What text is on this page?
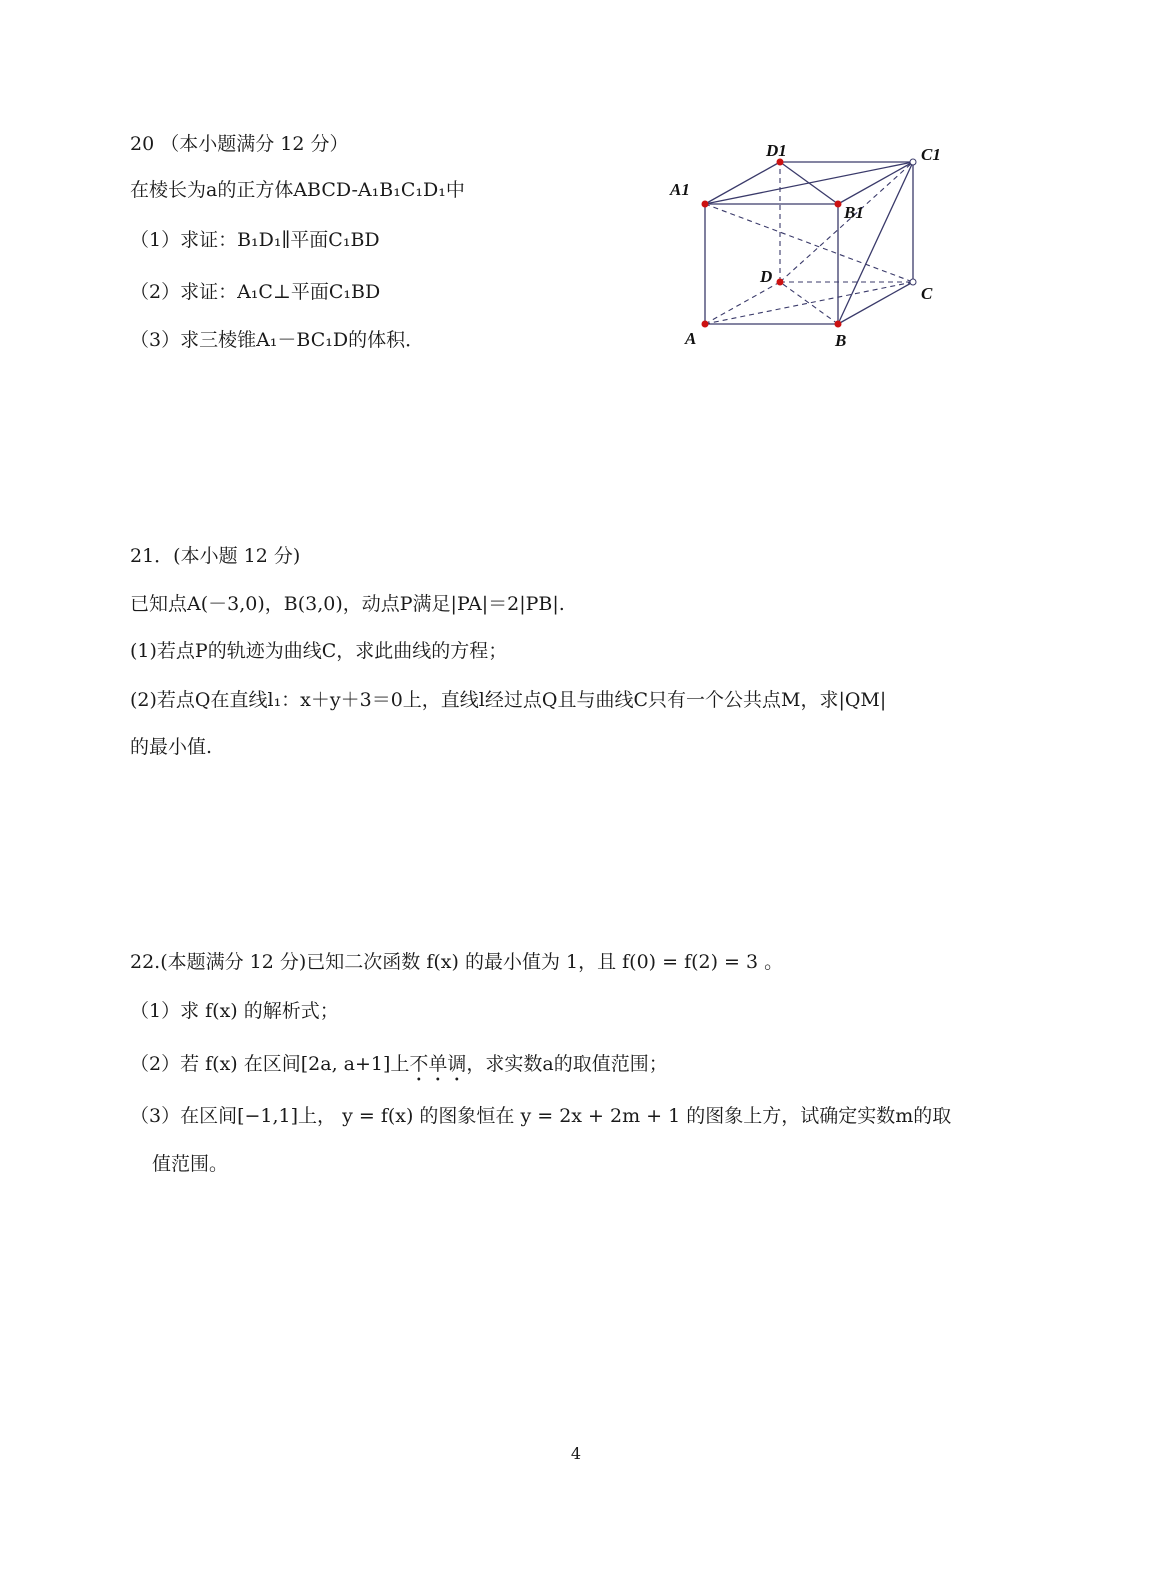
20 （本小题满分 12 分）
在棱长为a的正方体ABCD-A₁B₁C₁D₁中
（1）求证：B₁D₁∥平面C₁BD
（2）求证：A₁C⊥平面C₁BD
（3）求三棱锥A₁－BC₁D的体积．
D1	C1
A1
B1
D
C
A	B
21．(本小题 12 分)
已知点A(－3,0)，B(3,0)，动点P满足|PA|＝2|PB|.
(1)若点P的轨迹为曲线C，求此曲线的方程；
(2)若点Q在直线l₁：x＋y＋3＝0上，直线l经过点Q且与曲线C只有一个公共点M，求|QM|
的最小值.
22.(本题满分 12 分)已知二次函数 f(x) 的最小值为 1，且 f(0) = f(2) = 3 。
（1）求 f(x) 的解析式；
（2）若 f(x) 在区间[2a, a+1]上不单调，求实数a的取值范围；
（3）在区间[−1,1]上， y = f(x) 的图象恒在 y = 2x + 2m + 1 的图象上方，试确定实数m的取
值范围。
4
